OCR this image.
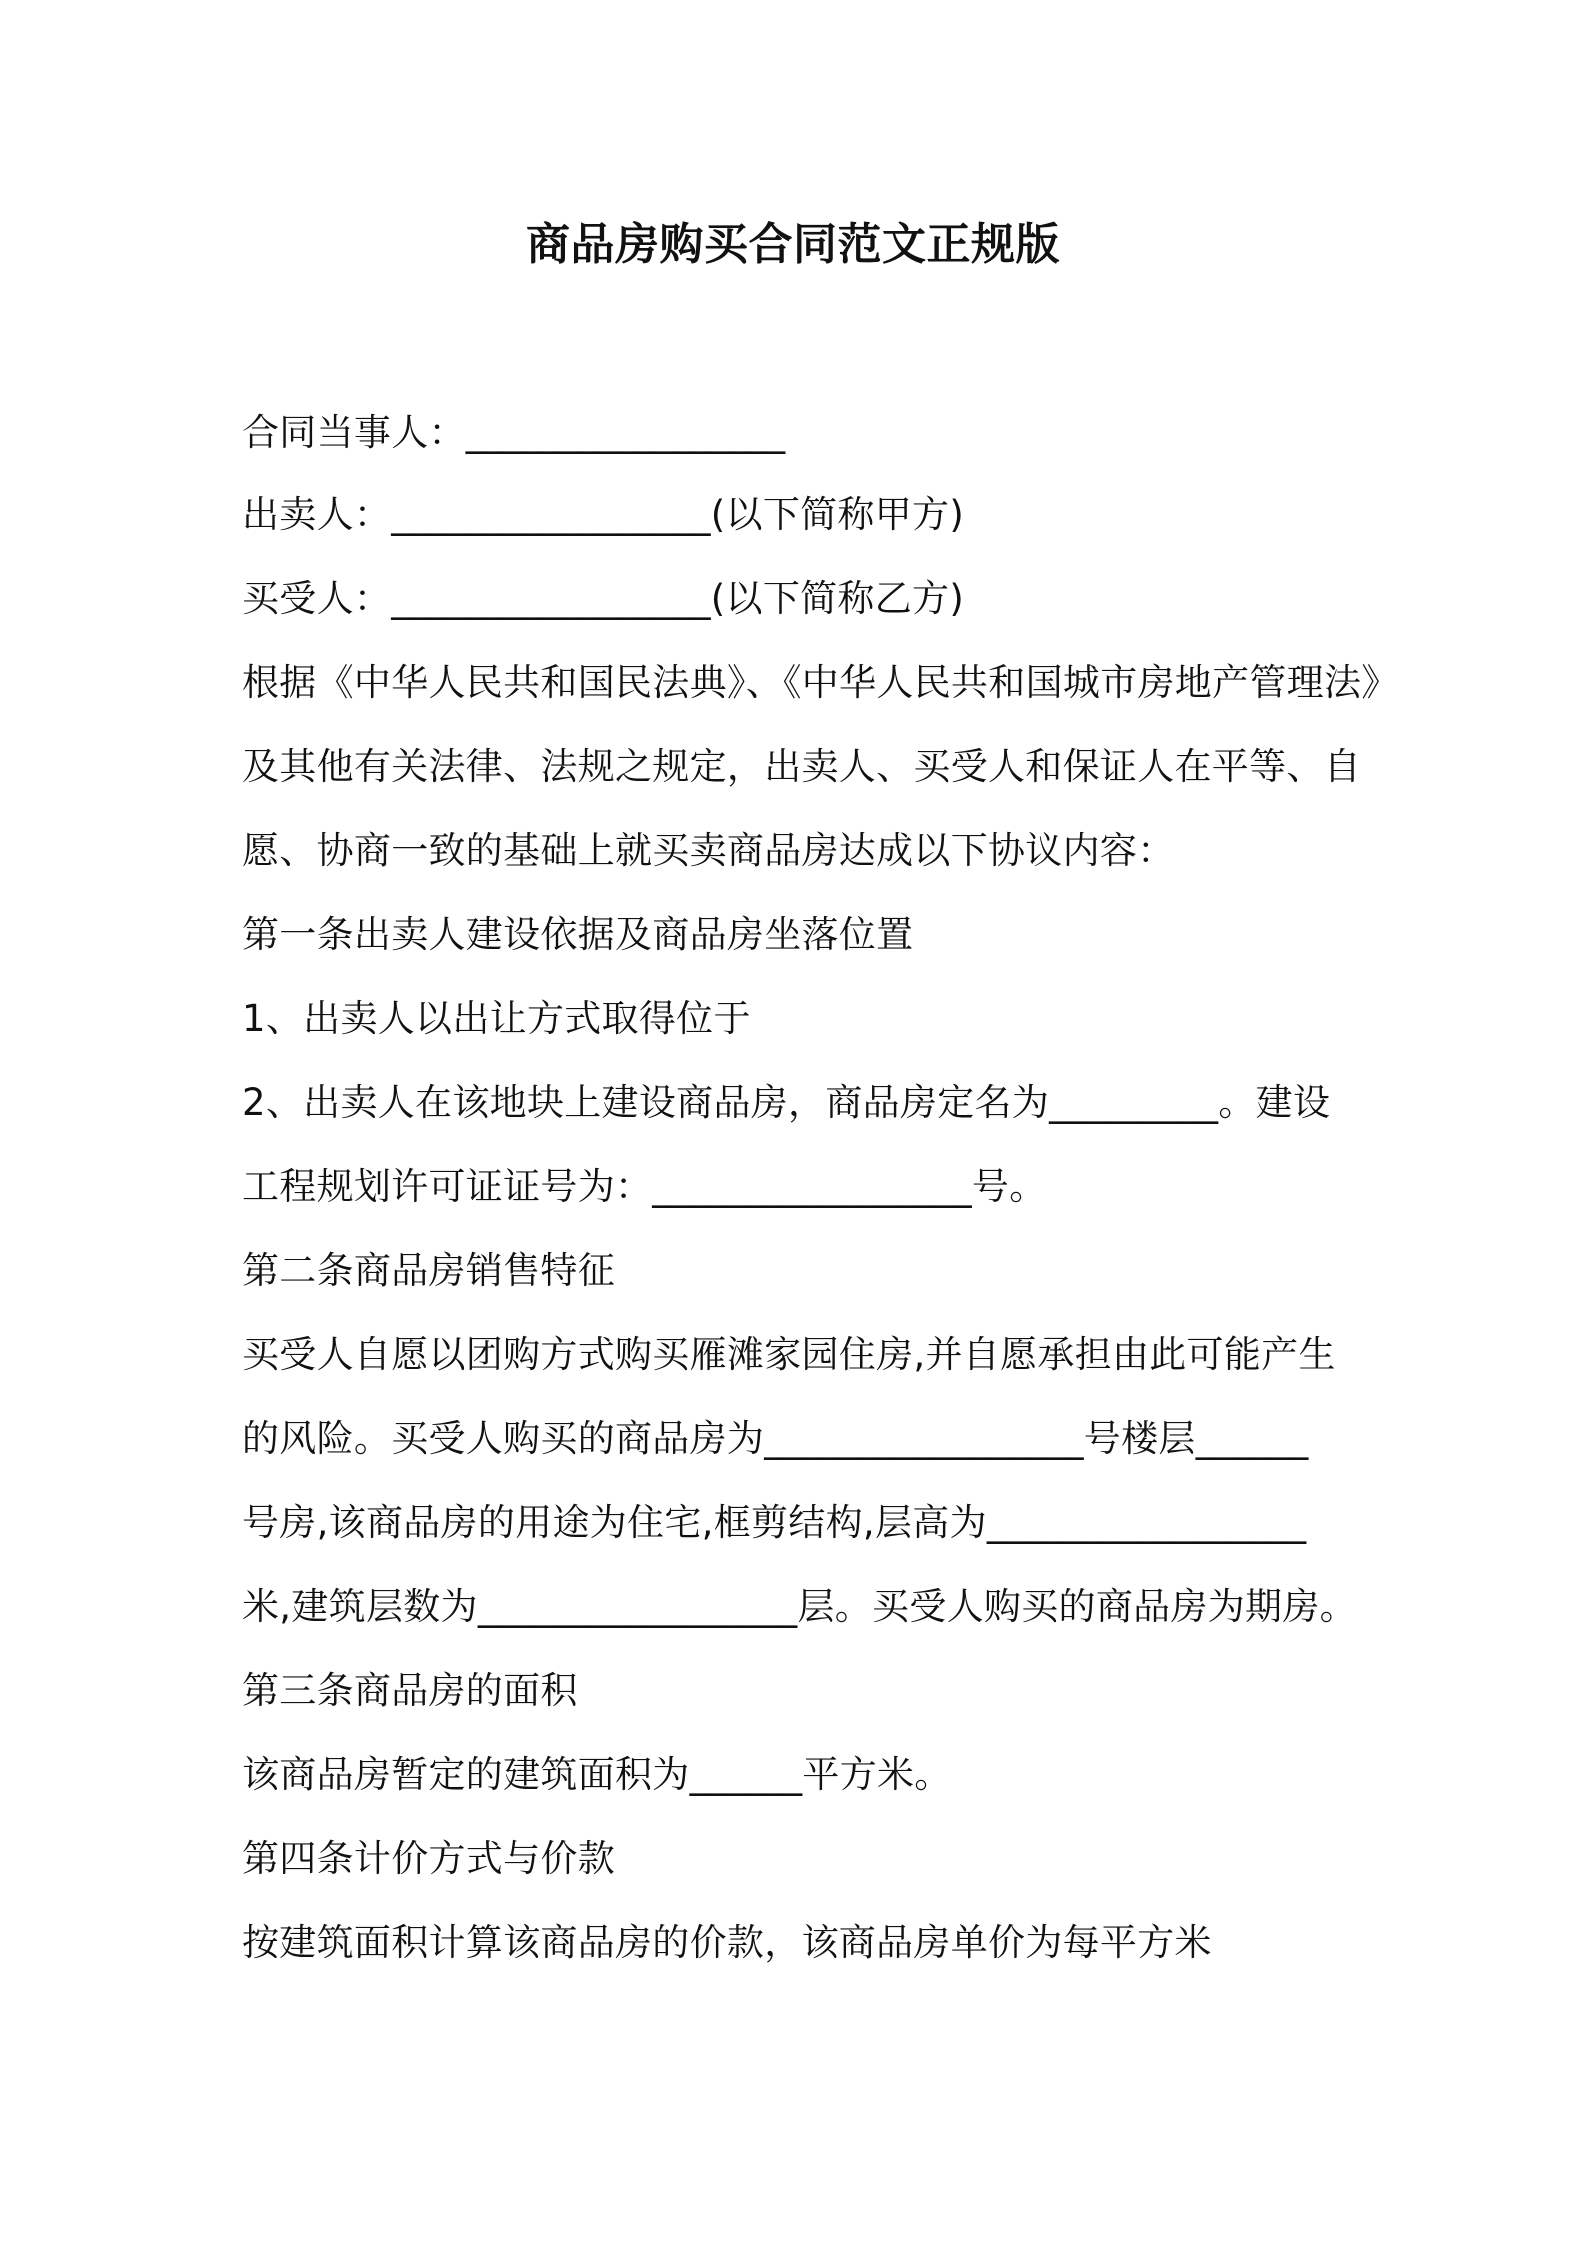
商品房购买合同范文正规版
合同当事人：_________________
出卖人：_________________(以下简称甲方)
买受人：_________________(以下简称乙方)
根据《中华人民共和国民法典》、《中华人民共和国城市房地产管理法》
及其他有关法律、法规之规定，出卖人、买受人和保证人在平等、自
愿、协商一致的基础上就买卖商品房达成以下协议内容：
第一条出卖人建设依据及商品房坐落位置
1、出卖人以出让方式取得位于
2、出卖人在该地块上建设商品房，商品房定名为_________。建设
工程规划许可证证号为：_________________号。
第二条商品房销售特征
买受人自愿以团购方式购买雁滩家园住房,并自愿承担由此可能产生
的风险。买受人购买的商品房为_________________号楼层______
号房,该商品房的用途为住宅,框剪结构,层高为_________________
米,建筑层数为_________________层。买受人购买的商品房为期房。
第三条商品房的面积
该商品房暂定的建筑面积为______平方米。
第四条计价方式与价款
按建筑面积计算该商品房的价款，该商品房单价为每平方米
